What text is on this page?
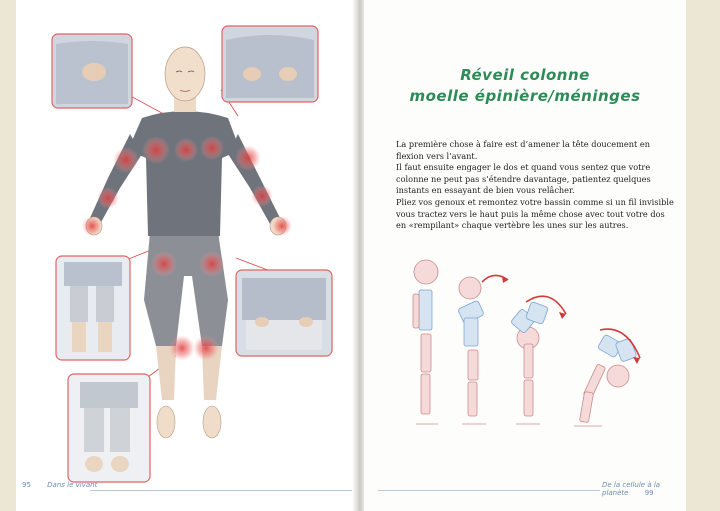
95 Dans le vivant
Réveil colonne
moelle épinière/méninges

La première chose à faire est d’amener la tête doucement en flexion vers l’avant.

Il faut ensuite engager le dos et quand vous sentez que votre colonne ne peut pas s’étendre davantage, patientez quelques instants en essayant de bien vous relâcher.

Pliez vos genoux et remontez votre bassin comme si un fil invisible vous tractez vers le haut puis la même chose avec tout votre dos en «rempilant» chaque vertèbre les unes sur les autres.

De la cellule à la planète 99
